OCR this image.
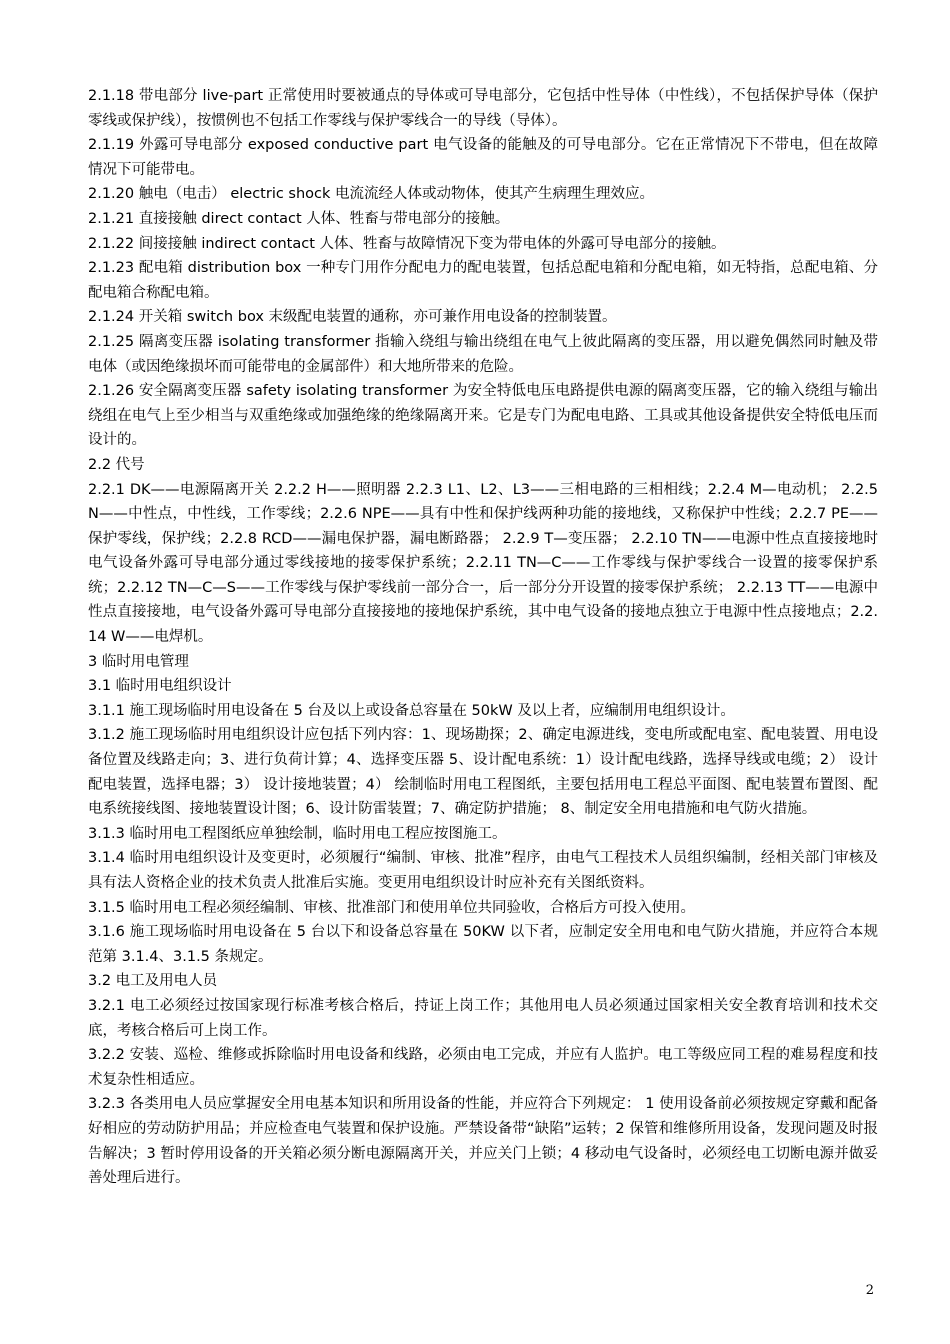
2.1.18 带电部分 live-part 正常使用时要被通点的导体或可导电部分，它包括中性导体（中性线），不包括保护导体（保护零线或保护线），按惯例也不包括工作零线与保护零线合一的导线（导体）。

2.1.19 外露可导电部分 exposed conductive part 电气设备的能触及的可导电部分。它在正常情况下不带电，但在故障情况下可能带电。

2.1.20 触电（电击） electric shock 电流流经人体或动物体，使其产生病理生理效应。

2.1.21 直接接触 direct contact 人体、牲畜与带电部分的接触。

2.1.22 间接接触 indirect contact 人体、牲畜与故障情况下变为带电体的外露可导电部分的接触。

2.1.23 配电箱 distribution box 一种专门用作分配电力的配电装置，包括总配电箱和分配电箱，如无特指，总配电箱、分配电箱合称配电箱。

2.1.24 开关箱 switch box 末级配电装置的通称，亦可兼作用电设备的控制装置。

2.1.25 隔离变压器 isolating transformer 指输入绕组与输出绕组在电气上彼此隔离的变压器，用以避免偶然同时触及带电体（或因绝缘损坏而可能带电的金属部件）和大地所带来的危险。

2.1.26 安全隔离变压器 safety isolating transformer 为安全特低电压电路提供电源的隔离变压器，它的输入绕组与输出绕组在电气上至少相当与双重绝缘或加强绝缘的绝缘隔离开来。它是专门为配电电路、工具或其他设备提供安全特低电压而设计的。

2.2 代号

2.2.1 DK——电源隔离开关 2.2.2 H——照明器 2.2.3 L1、L2、L3——三相电路的三相相线；2.2.4 M—电动机； 2.2.5 N——中性点，中性线，工作零线；2.2.6 NPE——具有中性和保护线两种功能的接地线，又称保护中性线；2.2.7 PE——保护零线，保护线；2.2.8 RCD——漏电保护器，漏电断路器； 2.2.9 T—变压器； 2.2.10 TN——电源中性点直接接地时电气设备外露可导电部分通过零线接地的接零保护系统；2.2.11 TN—C——工作零线与保护零线合一设置的接零保护系统；2.2.12 TN—C—S——工作零线与保护零线前一部分合一，后一部分分开设置的接零保护系统； 2.2.13 TT——电源中性点直接接地，电气设备外露可导电部分直接接地的接地保护系统，其中电气设备的接地点独立于电源中性点接地点；2.2.14 W——电焊机。

3 临时用电管理

3.1 临时用电组织设计

3.1.1 施工现场临时用电设备在 5 台及以上或设备总容量在 50kW 及以上者，应编制用电组织设计。

3.1.2 施工现场临时用电组织设计应包括下列内容：1、现场勘探；2、确定电源进线，变电所或配电室、配电装置、用电设备位置及线路走向；3、进行负荷计算；4、选择变压器 5、设计配电系统：1）设计配电线路，选择导线或电缆；2） 设计配电装置，选择电器；3） 设计接地装置；4） 绘制临时用电工程图纸，主要包括用电工程总平面图、配电装置布置图、配电系统接线图、接地装置设计图；6、设计防雷装置；7、确定防护措施； 8、制定安全用电措施和电气防火措施。

3.1.3 临时用电工程图纸应单独绘制，临时用电工程应按图施工。

3.1.4 临时用电组织设计及变更时，必须履行“编制、审核、批准”程序，由电气工程技术人员组织编制，经相关部门审核及具有法人资格企业的技术负责人批准后实施。变更用电组织设计时应补充有关图纸资料。

3.1.5 临时用电工程必须经编制、审核、批准部门和使用单位共同验收，合格后方可投入使用。

3.1.6 施工现场临时用电设备在 5 台以下和设备总容量在 50KW 以下者，应制定安全用电和电气防火措施，并应符合本规范第 3.1.4、3.1.5 条规定。

3.2 电工及用电人员

3.2.1 电工必须经过按国家现行标准考核合格后，持证上岗工作；其他用电人员必须通过国家相关安全教育培训和技术交底，考核合格后可上岗工作。

3.2.2 安装、巡检、维修或拆除临时用电设备和线路，必须由电工完成，并应有人监护。电工等级应同工程的难易程度和技术复杂性相适应。

3.2.3 各类用电人员应掌握安全用电基本知识和所用设备的性能，并应符合下列规定： 1 使用设备前必须按规定穿戴和配备好相应的劳动防护用品；并应检查电气装置和保护设施。严禁设备带“缺陷”运转；2 保管和维修所用设备，发现问题及时报告解决；3 暂时停用设备的开关箱必须分断电源隔离开关，并应关门上锁；4 移动电气设备时，必须经电工切断电源并做妥善处理后进行。

2
